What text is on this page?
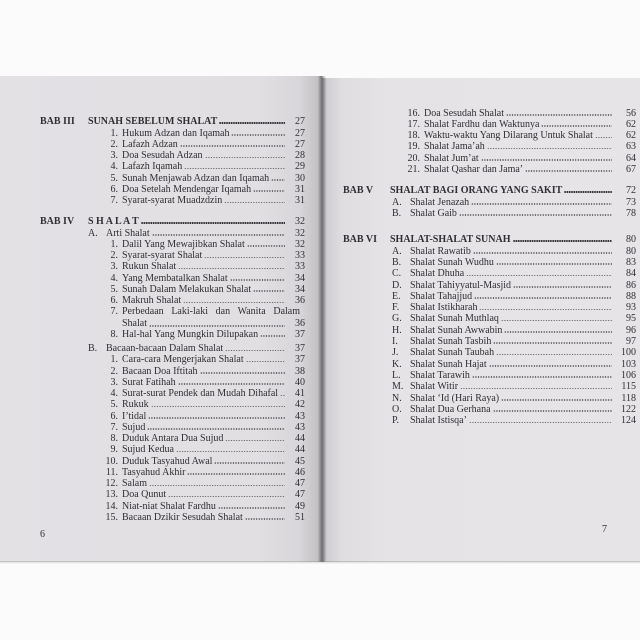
BAB III	SUNAH SEBELUM SHALAT	27
1. Hukum Adzan dan Iqamah	27
2. Lafazh Adzan	27
3. Doa Sesudah Adzan	28
4. Lafazh Iqamah	29
5. Sunah Menjawab Adzan dan Iqamah	30
6. Doa Setelah Mendengar Iqamah	31
7. Syarat-syarat Muadzdzin	31
BAB IV	S H A L A T	32
A. Arti Shalat	32
1. Dalil Yang Mewajibkan Shalat	32
2. Syarat-syarat Shalat	33
3. Rukun Shalat	33
4. Yang Membatalkan Shalat	34
5. Sunah Dalam Melakukan Shalat	34
6. Makruh Shalat	36
7. Perbedaan Laki-laki dan Wanita Dalam Shalat	36
8. Hal-hal Yang Mungkin Dilupakan	37
B. Bacaan-bacaan Dalam Shalat	37
1. Cara-cara Mengerjakan Shalat	37
2. Bacaan Doa Iftitah	38
3. Surat Fatihah	40
4. Surat-surat Pendek dan Mudah Dihafal	41
5. Rukuk	42
6. I’tidal	43
7. Sujud	43
8. Duduk Antara Dua Sujud	44
9. Sujud Kedua	44
10. Duduk Tasyahud Awal	45
11. Tasyahud Akhir	46
12. Salam	47
13. Doa Qunut	47
14. Niat-niat Shalat Fardhu	49
15. Bacaan Dzikir Sesudah Shalat	51
16. Doa Sesudah Shalat	56
17. Shalat Fardhu dan Waktunya	62
18. Waktu-waktu Yang Dilarang Untuk Shalat	62
19. Shalat Jama’ah	63
20. Shalat Jum’at	64
21. Shalat Qashar dan Jama’	67
BAB V	SHALAT BAGI ORANG YANG SAKIT	72
A. Shalat Jenazah	73
B. Shalat Gaib	78
BAB VI	SHALAT-SHALAT SUNAH	80
A. Shalat Rawatib	80
B. Shalat Sunah Wudhu	83
C. Shalat Dhuha	84
D. Shalat Tahiyyatul-Masjid	86
E. Shalat Tahajjud	88
F.	Shalat Istikharah	93
G. Shalat Sunah Muthlaq	95
H. Shalat Sunah Awwabin	96
I.	Shalat Sunah Tasbih	97
J.	Shalat Sunah Taubah	100
K. Shalat Sunah Hajat	103
L. Shalat Tarawih	106
M. Shalat Witir	115
N. Shalat ‘Id (Hari Raya)	118
O. Shalat Dua Gerhana	122
P.	Shalat Istisqa’	124
6	7
